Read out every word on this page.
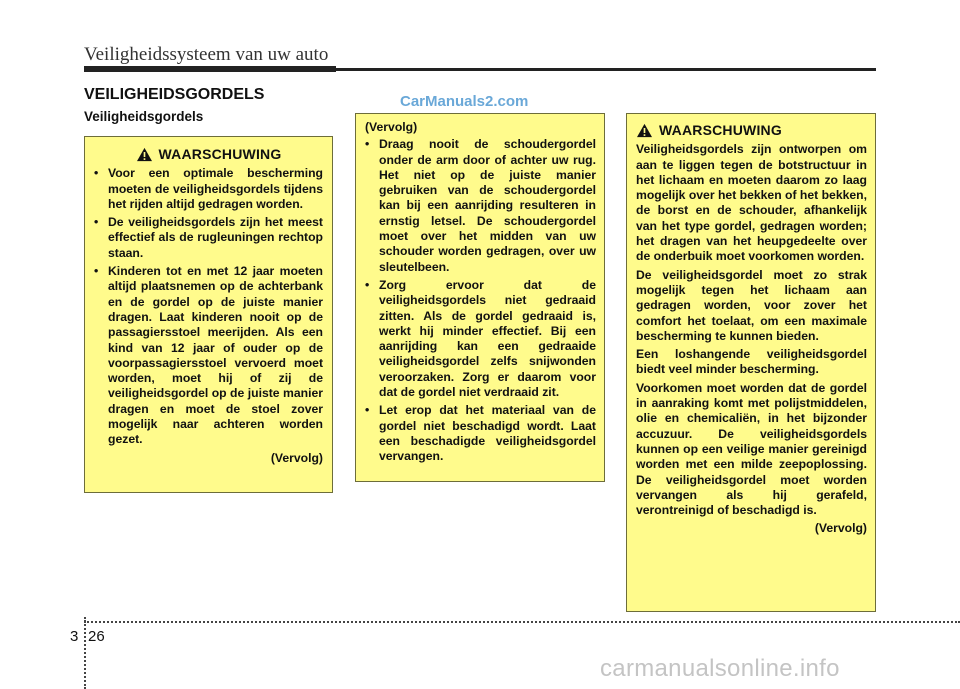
Veiligheidssysteem van uw auto
VEILIGHEIDSGORDELS
Veiligheidsgordels
CarManuals2.com
WAARSCHUWING
• Voor een optimale bescherming moeten de veiligheidsgordels tijdens het rijden altijd gedragen worden.
• De veiligheidsgordels zijn het meest effectief als de rugleuningen rechtop staan.
• Kinderen tot en met 12 jaar moeten altijd plaatsnemen op de achterbank en de gordel op de juiste manier dragen. Laat kinderen nooit op de passagiersstoel meerijden. Als een kind van 12 jaar of ouder op de voorpassagiersstoel vervoerd moet worden, moet hij of zij de veiligheidsgordel op de juiste manier dragen en moet de stoel zover mogelijk naar achteren worden gezet.
(Vervolg)
(Vervolg)
• Draag nooit de schoudergordel onder de arm door of achter uw rug. Het niet op de juiste manier gebruiken van de schoudergordel kan bij een aanrijding resulteren in ernstig letsel. De schoudergordel moet over het midden van uw schouder worden gedragen, over uw sleutelbeen.
• Zorg ervoor dat de veiligheidsgordels niet gedraaid zitten. Als de gordel gedraaid is, werkt hij minder effectief. Bij een aanrijding kan een gedraaide veiligheidsgordel zelfs snijwonden veroorzaken. Zorg er daarom voor dat de gordel niet verdraaid zit.
• Let erop dat het materiaal van de gordel niet beschadigd wordt. Laat een beschadigde veiligheidsgordel vervangen.
WAARSCHUWING

Veiligheidsgordels zijn ontworpen om aan te liggen tegen de botstructuur in het lichaam en moeten daarom zo laag mogelijk over het bekken of het bekken, de borst en de schouder, afhankelijk van het type gordel, gedragen worden; het dragen van het heupgedeelte over de onderbuik moet voorkomen worden.

De veiligheidsgordel moet zo strak mogelijk tegen het lichaam aan gedragen worden, voor zover het comfort het toelaat, om een maximale bescherming te kunnen bieden.

Een loshangende veiligheidsgordel biedt veel minder bescherming.

Voorkomen moet worden dat de gordel in aanraking komt met polijstmiddelen, olie en chemicaliën, in het bijzonder accuzuur. De veiligheidsgordels kunnen op een veilige manier gereinigd worden met een milde zeepoplossing. De veiligheidsgordel moet worden vervangen als hij gerafeld, verontreinigd of beschadigd is.

(Vervolg)
3 26
carmanualsonline.info
